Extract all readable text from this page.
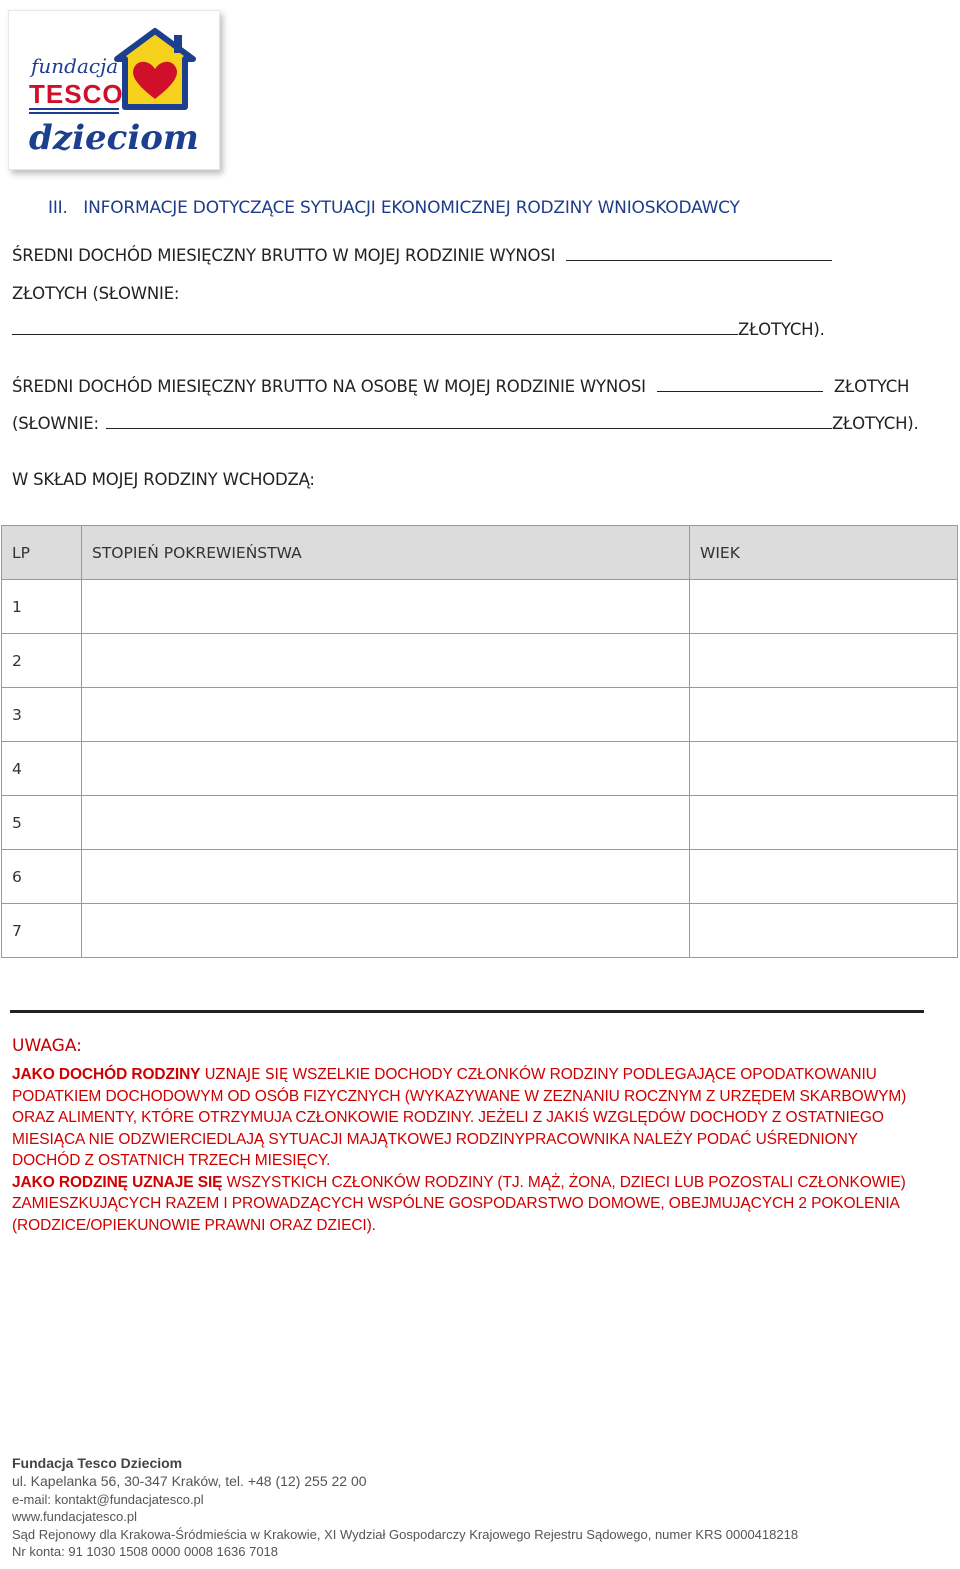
fundacja
TESCO
dzieciom
III. INFORMACJE DOTYCZĄCE SYTUACJI EKONOMICZNEJ RODZINY WNIOSKODAWCY
ŚREDNI DOCHÓD MIESIĘCZNY BRUTTO W MOJEJ RODZINIE WYNOSI
ZŁOTYCH (SŁOWNIE:
ZŁOTYCH).
ŚREDNI DOCHÓD MIESIĘCZNY BRUTTO NA OSOBĘ W MOJEJ RODZINIE WYNOSI	ZŁOTYCH
(SŁOWNIE:	ZŁOTYCH).
W SKŁAD MOJEJ RODZINY WCHODZĄ:
LP	STOPIEŃ POKREWIEŃSTWA	WIEK
1		
2		
3		
4		
5		
6		
7		
UWAGA:
JAKO DOCHÓD RODZINY UZNAJE SIĘ WSZELKIE DOCHODY CZŁONKÓW RODZINY PODLEGAJĄCE OPODATKOWANIU PODATKIEM DOCHODOWYM OD OSÓB FIZYCZNYCH (WYKAZYWANE W ZEZNANIU ROCZNYM Z URZĘDEM SKARBOWYM) ORAZ ALIMENTY, KTÓRE OTRZYMUJA CZŁONKOWIE RODZINY. JEŻELI Z JAKIŚ WZGLĘDÓW DOCHODY Z OSTATNIEGO MIESIĄCA NIE ODZWIERCIEDLAJĄ SYTUACJI MAJĄTKOWEJ RODZINYPRACOWNIKA NALEŻY PODAĆ UŚREDNIONY DOCHÓD Z OSTATNICH TRZECH MIESIĘCY.
JAKO RODZINĘ UZNAJE SIĘ WSZYSTKICH CZŁONKÓW RODZINY (TJ. MĄŻ, ŻONA, DZIECI LUB POZOSTALI CZŁONKOWIE) ZAMIESZKUJĄCYCH RAZEM I PROWADZĄCYCH WSPÓLNE GOSPODARSTWO DOMOWE, OBEJMUJĄCYCH 2 POKOLENIA (RODZICE/OPIEKUNOWIE PRAWNI ORAZ DZIECI).
Fundacja Tesco Dzieciom
ul. Kapelanka 56, 30-347 Kraków, tel. +48 (12) 255 22 00
e-mail: kontakt@fundacjatesco.pl
www.fundacjatesco.pl
Sąd Rejonowy dla Krakowa-Śródmieścia w Krakowie, XI Wydział Gospodarczy Krajowego Rejestru Sądowego, numer KRS 0000418218
Nr konta: 91 1030 1508 0000 0008 1636 7018
